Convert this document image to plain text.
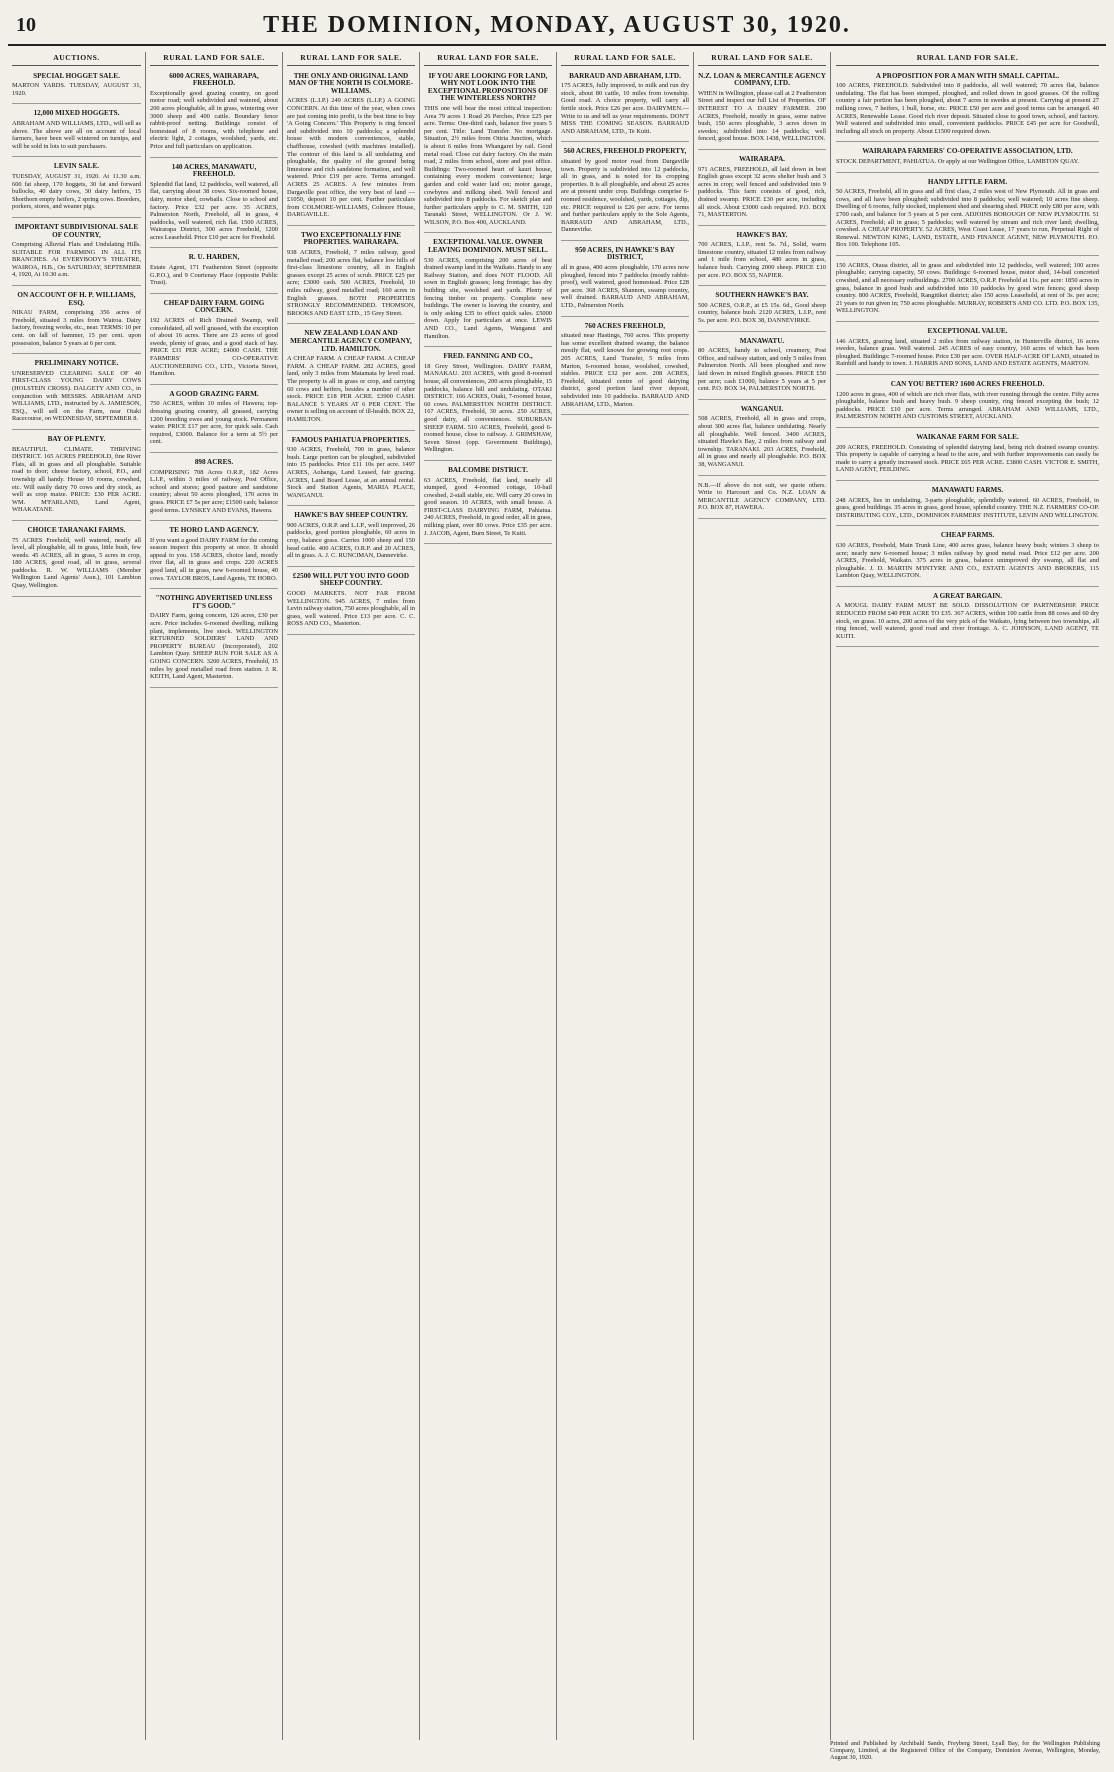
10	THE DOMINION, MONDAY, AUGUST 30, 1920.
AUCTIONS.
SPECIAL HOGGET SALE.

MARTON YARDS. TUESDAY, AUGUST 31, 1920.

12,000 MIXED HOGGETS.

ABRAHAM AND WILLIAMS, LTD., will sell as above. The above are all on account of local farmers, have been well wintered on turnips, and will be sold in lots to suit purchasers.

LEVIN SALE.

TUESDAY, AUGUST 31, 1920. At 11.30 a.m. 600 fat sheep, 170 hoggets, 30 fat and forward bullocks, 40 dairy cows, 30 dairy heifers, 15 Shorthorn empty heifers, 2 spring cows. Breeders, porkers, stores, and weaner pigs.

IMPORTANT SUBDIVISIONAL SALE OF COUNTRY,

Comprising Alluvial Flats and Undulating Hills. SUITABLE FOR FARMING IN ALL ITS BRANCHES. At EVERYBODY'S THEATRE, WAIROA, H.B., On SATURDAY, SEPTEMBER 4, 1920, At 10.30 a.m.

ON ACCOUNT OF H. P. WILLIAMS, ESQ.

NIKAU FARM, comprising 356 acres of Freehold, situated 3 miles from Wairoa. Dairy factory, freezing works, etc., near. TERMS: 10 per cent. on fall of hammer, 15 per cent. upon possession, balance 5 years at 6 per cent.

PRELIMINARY NOTICE.

UNRESERVED CLEARING SALE OF 40 FIRST-CLASS YOUNG DAIRY COWS (HOLSTEIN CROSS). DALGETY AND CO., in conjunction with MESSRS. ABRAHAM AND WILLIAMS, LTD., instructed by A. JAMIESON, ESQ., will sell on the Farm, near Otaki Racecourse, on WEDNESDAY, SEPTEMBER 8.

BAY OF PLENTY.

BEAUTIFUL CLIMATE. THRIVING DISTRICT. 165 ACRES FREEHOLD, fine River Flats, all in grass and all ploughable. Suitable road to door; cheese factory, school, P.O., and township all handy. House 10 rooms, cowshed, etc. Will easily dairy 70 cows and dry stock, as well as crop maize. PRICE: £30 PER ACRE. WM. M'FARLAND, Land Agent, WHAKATANE.

CHOICE TARANAKI FARMS.

75 ACRES Freehold, well watered, nearly all level, all ploughable, all in grass, little bush, few weeds. 45 ACRES, all in grass, 5 acres in crop, 180 ACRES, good road, all in grass, several paddocks. R. W. WILLIAMS (Member Wellington Land Agents' Assn.), 101 Lambton Quay, Wellington.

RURAL LAND FOR SALE.
6000 ACRES, WAIRARAPA, FREEHOLD.

Exceptionally good grazing country, on good motor road; well subdivided and watered, about 200 acres ploughable, all in grass, wintering over 3000 sheep and 400 cattle. Boundary fence rabbit-proof netting. Buildings consist of homestead of 8 rooms, with telephone and electric light, 2 cottages, woolshed, yards, etc. Price and full particulars on application.

140 ACRES, MANAWATU, FREEHOLD.

Splendid flat land, 12 paddocks, well watered, all flat, carrying about 38 cows. Six-roomed house, dairy, motor shed, cowbails. Close to school and factory. Price £32 per acre. 35 ACRES, Palmerston North, Freehold, all in grass, 4 paddocks, well watered, rich flat. 1500 ACRES, Wairarapa District, 300 acres Freehold, 1200 acres Leasehold. Price £10 per acre for Freehold.

R. U. HARDEN,

Estate Agent, 171 Featherston Street (opposite G.P.O.), and 9 Courtenay Place (opposite Public Trust).

CHEAP DAIRY FARM. GOING CONCERN.

192 ACRES of Rich Drained Swamp, well consolidated, all well grassed, with the exception of about 16 acres. There are 23 acres of good swede, plenty of grass, and a good stack of hay. PRICE £31 PER ACRE; £4000 CASH. THE FARMERS' CO-OPERATIVE AUCTIONEERING CO., LTD., Victoria Street, Hamilton.

A GOOD GRAZING FARM.

750 ACRES, within 10 miles of Hawera; top-dressing grazing country, all grassed, carrying 1200 breeding ewes and young stock. Permanent water. PRICE £17 per acre, for quick sale. Cash required, £3000. Balance for a term at 5½ per cent.

898 ACRES.

COMPRISING 708 Acres O.R.P., 182 Acres L.I.P., within 3 miles of railway, Post Office, school and stores; good pasture and sandstone country; about 50 acres ploughed, 170 acres in grass. PRICE £7 5s per acre; £1500 cash; balance good terms. LYNSKEY AND EVANS, Hawera.

TE HORO LAND AGENCY.

If you want a good DAIRY FARM for the coming season inspect this property at once. It should appeal to you. 158 ACRES, choice land, mostly river flat, all in grass and crops. 220 ACRES good land, all in grass, new 6-roomed house, 40 cows. TAYLOR BROS, Land Agents, TE HORO.

"NOTHING ADVERTISED UNLESS IT'S GOOD."

DAIRY Farm, going concern, 126 acres, £30 per acre. Price includes 6-roomed dwelling, milking plant, implements, live stock. WELLINGTON RETURNED SOLDIERS' LAND AND PROPERTY BUREAU (Incorporated), 202 Lambton Quay. SHEEP RUN FOR SALE AS A GOING CONCERN. 3200 ACRES, Freehold, 15 miles by good metalled road from station. J. R. KEITH, Land Agent, Masterton.

RURAL LAND FOR SALE.
THE ONLY AND ORIGINAL LAND MAN OF THE NORTH IS COLMORE-WILLIAMS.

ACRES (L.I.P.) 249 ACRES (L.I.P.) A GOING CONCERN. At this time of the year, when cows are just coming into profit, is the best time to buy 'A Going Concern.' This Property is ring fenced and subdivided into 10 paddocks; a splendid house with modern conveniences, stable, chaffhouse, cowshed (with machines installed). The contour of this land is all undulating and ploughable, the quality of the ground being limestone and rich sandstone formation, and well watered. Price £19 per acre. Terms arranged. ACRES 25 ACRES. A few minutes from Dargaville post office, the very best of land — £1050, deposit 10 per cent. Further particulars from COLMORE-WILLIAMS, Colmore House, DARGAVILLE.

TWO EXCEPTIONALLY FINE PROPERTIES. WAIRARAPA.

938 ACRES, Freehold, 7 miles railway, good metalled road; 200 acres flat, balance low hills of first-class limestone country, all in English grasses except 25 acres of scrub. PRICE £25 per acre; £3000 cash. 500 ACRES, Freehold, 10 miles railway, good metalled road; 160 acres in English grasses. BOTH PROPERTIES STRONGLY RECOMMENDED. THOMSON, BROOKS AND EAST LTD., 15 Grey Street.

NEW ZEALAND LOAN AND MERCANTILE AGENCY COMPANY, LTD. HAMILTON.

A CHEAP FARM. A CHEAP FARM. A CHEAP FARM. A CHEAP FARM. 282 ACRES, good land, only 3 miles from Matamata by level road. The property is all in grass or crop, and carrying 60 cows and heifers, besides a number of other stock. PRICE £18 PER ACRE. £3900 CASH. BALANCE 5 YEARS AT 6 PER CENT. The owner is selling on account of ill-health. BOX 22, HAMILTON.

FAMOUS PAHIATUA PROPERTIES.

930 ACRES, Freehold, 700 in grass, balance bush. Large portion can be ploughed, subdivided into 15 paddocks. Price £11 10s per acre. 1497 ACRES, Aohanga, Land Leased, fair grazing. ACRES, Land Board Lease, at an annual rental. Stock and Station Agents, MARIA PLACE, WANGANUI.

HAWKE'S BAY SHEEP COUNTRY.

900 ACRES, O.R.P. and L.I.P., well improved, 26 paddocks, good portion ploughable, 60 acres in crop, balance grass. Carries 1000 sheep and 150 head cattle. 400 ACRES, O.R.P. and 20 ACRES, all in grass. A. J. C. RUNCIMAN, Dannevirke.

£2500 WILL PUT YOU INTO GOOD SHEEP COUNTRY.

GOOD MARKETS. NOT FAR FROM WELLINGTON. 945 ACRES, 7 miles from Levin railway station, 750 acres ploughable, all in grass, well watered. Price £13 per acre. C. C. ROSS AND CO., Masterton.

RURAL LAND FOR SALE.
IF YOU ARE LOOKING FOR LAND, WHY NOT LOOK INTO THE EXCEPTIONAL PROPOSITIONS OF THE WINTERLESS NORTH?

THIS one will bear the most critical inspection: Area 79 acres 1 Road 26 Perches, Price £25 per acre. Terms: One-third cash, balance five years 5 per cent. Title: Land Transfer. No mortgage. Situation, 2½ miles from Otiria Junction, which is about 6 miles from Whangarei by rail. Good metal road. Close cut dairy factory. On the main road, 2 miles from school, store and post office. Buildings: Two-roomed heart of kauri house, containing every modern convenience; large garden and cold water laid on; motor garage, cowbyres and milking shed. Well fenced and subdivided into 8 paddocks. For sketch plan and further particulars apply to C. M. SMITH, 120 Taranaki Street, WELLINGTON. Or J. W. WILSON, P.O. Box 400, AUCKLAND.

EXCEPTIONAL VALUE. OWNER LEAVING DOMINION. MUST SELL.

530 ACRES, comprising 200 acres of best drained swamp land in the Waikato. Handy to any Railway Station, and does NOT FLOOD. All sown in English grasses; long frontage; has dry building site, woolshed and yards. Plenty of fencing timber on property. Complete new buildings. The owner is leaving the country, and is only asking £35 to effect quick sales. £5000 down. Apply for particulars at once. LEWIS AND CO., Land Agents, Wanganui and Hamilton.

FRED. FANNING AND CO.,

18 Grey Street, Wellington. DAIRY FARM, MANAKAU. 203 ACRES, with good 8-roomed house, all conveniences, 200 acres ploughable, 15 paddocks, balance hill and undulating. OTAKI DISTRICT. 166 ACRES, Otaki, 7-roomed house, 60 cows. PALMERSTON NORTH DISTRICT. 167 ACRES, Freehold, 30 acres. 250 ACRES, good dairy, all conveniences. SUBURBAN SHEEP FARM. 510 ACRES, Freehold, good 6-roomed house, close to railway. J. GRIMSHAW, Seven Street (opp. Government Buildings), Wellington.

BALCOMBE DISTRICT.

63 ACRES, Freehold, flat land, nearly all stumped, good 4-roomed cottage, 10-bail cowshed, 2-stall stable, etc. Will carry 20 cows in good season. 10 ACRES, with small house. A FIRST-CLASS DAIRYING FARM, Pahiatua. 240 ACRES, Freehold, in good order, all in grass, milking plant, over 80 cows. Price £35 per acre. J. JACOB, Agent, Burn Street, Te Kuiti.

RURAL LAND FOR SALE.
BARRAUD AND ABRAHAM, LTD.

175 ACRES, fully improved, to milk and run dry stock, about 80 cattle, 10 miles from township. Good road. A choice property, will carry all fertile stock. Price £26 per acre. DAIRYMEN.—Write to us and tell us your requirements. DON'T MISS THE COMING SEASON. BARRAUD AND ABRAHAM, LTD., Te Kuiti.

560 ACRES, FREEHOLD PROPERTY,

situated by good motor road from Dargaville town. Property is subdivided into 12 paddocks, all in grass, and is noted for its cropping properties. It is all ploughable, and about 25 acres are at present under crop. Buildings comprise 6-roomed residence, woolshed, yards, cottages, dip, etc. PRICE required is £26 per acre. For terms and further particulars apply to the Sole Agents, BARRAUD AND ABRAHAM, LTD., Dannevirke.

950 ACRES, IN HAWKE'S BAY DISTRICT,

all in grass, 400 acres ploughable, 170 acres now ploughed, fenced into 7 paddocks (mostly rabbit-proof), well watered, good homestead. Price £28 per acre. 368 ACRES, Shannon, swamp country, well drained. BARRAUD AND ABRAHAM, LTD., Palmerston North.

760 ACRES FREEHOLD,

situated near Hastings, 760 acres. This property has some excellent drained swamp, the balance mostly flat, well known for growing root crops. 205 ACRES, Land Transfer, 5 miles from Marton, 6-roomed house, woolshed, cowshed, stables. PRICE £32 per acre. 208 ACRES, Freehold, situated centre of good dairying district, good portion land river deposit, subdivided into 10 paddocks. BARRAUD AND ABRAHAM, LTD., Marton.

RURAL LAND FOR SALE.
N.Z. LOAN & MERCANTILE AGENCY COMPANY, LTD.

WHEN in Wellington, please call at 2 Featherston Street and inspect our full List of Properties. OF INTEREST TO A DAIRY FARMER. 290 ACRES, Freehold, mostly in grass, some native bush, 150 acres ploughable, 3 acres down in swedes; subdivided into 14 paddocks; well fenced, good house. BOX 1438, WELLINGTON.

WAIRARAPA.

971 ACRES, FREEHOLD, all laid down in best English grass except 32 acres shelter bush and 3 acres in crop; well fenced and subdivided into 9 paddocks. This farm consists of good, rich, drained swamp. PRICE £30 per acre, including all stock. About £3000 cash required. P.O. BOX 71, MASTERTON.

HAWKE'S BAY.

700 ACRES, L.I.P., rent 5s. 7d., Solid, warm limestone country, situated 12 miles from railway and 1 mile from school, 480 acres in grass, balance bush. Carrying 2000 sheep. PRICE £10 per acre. P.O. BOX 55, NAPIER.

SOUTHERN HAWKE'S BAY.

500 ACRES, O.R.P., at £5 15s. 6d., Good sheep country, balance bush. 2120 ACRES, L.I.P., rent 5s. per acre. P.O. BOX 38, DANNEVIRKE.

MANAWATU.

80 ACRES, handy to school, creamery, Post Office, and railway station, and only 5 miles from Palmerston North. All been ploughed and now laid down in mixed English grasses. PRICE £50 per acre; cash £1000, balance 5 years at 5 per cent. P.O. BOX 34, PALMERSTON NORTH.

WANGANUI.

508 ACRES, Freehold, all in grass and crops, about 300 acres flat, balance undulating. Nearly all ploughable. Well fenced. 3400 ACRES, situated Hawke's Bay, 2 miles from railway and township. TARANAKI. 203 ACRES, Freehold, all in grass and nearly all ploughable. P.O. BOX 38, WANGANUI.

N.B.—If above do not suit, we quote others. Write to Harcourt and Co. N.Z. LOAN & MERCANTILE AGENCY COMPANY, LTD. P.O. BOX 87, HAWERA.

RURAL LAND FOR SALE.
A PROPOSITION FOR A MAN WITH SMALL CAPITAL.

100 ACRES, FREEHOLD. Subdivided into 8 paddocks, all well watered; 70 acres flat, balance undulating. The flat has been stumped, ploughed, and rolled down in good grasses. Of the rolling country a fair portion has been ploughed, about 7 acres in swedes at present. Carrying at present 27 milking cows, 7 heifers, 1 bull, horse, etc. PRICE £50 per acre and good terms can be arranged. 40 ACRES, Renewable Lease. Good rich river deposit. Situated close to good town, school, and factory. Well watered and subdivided into small, convenient paddocks. PRICE £45 per acre for Goodwill, including all stock on property. About £1500 required down.

WAIRARAPA FARMERS' CO-OPERATIVE ASSOCIATION, LTD.

STOCK DEPARTMENT, PAHIATUA. Or apply at our Wellington Office, LAMBTON QUAY.

HANDY LITTLE FARM.

50 ACRES, Freehold, all in grass and all first class, 2 miles west of New Plymouth. All in grass and cows, and all have been ploughed; subdivided into 8 paddocks; well watered; 10 acres fine sheep. Dwelling of 6 rooms, fully stocked, implement shed and shearing shed. PRICE only £80 per acre, with £700 cash, and balance for 5 years at 5 per cent. ADJOINS BOROUGH OF NEW PLYMOUTH. 51 ACRES, Freehold; all in grass; 5 paddocks; well watered by stream and rich river land; dwelling, cowshed. A CHEAP PROPERTY. 52 ACRES, West Coast Lease, 17 years to run, Perpetual Right of Renewal. NEWTON KING, LAND, ESTATE, AND FINANCE AGENT, NEW PLYMOUTH. P.O. Box 100. Telephone 105.

150 ACRES, Otaua district, all in grass and subdivided into 12 paddocks, well watered; 100 acres ploughable; carrying capacity, 50 cows. Buildings: 6-roomed house, motor shed, 14-bail concreted cowshed, and all necessary outbuildings. 2700 ACRES, O.R.P. Freehold at 11s. per acre: 1850 acres in grass, balance in good bush and subdivided into 10 paddocks by good wire fences; good sheep country. 800 ACRES, Freehold, Rangitikei district; also 150 acres Leasehold, at rent of 3s. per acre; 21 years to run given in; 750 acres ploughable. MURRAY, ROBERTS AND CO. LTD. P.O. BOX 135, WELLINGTON.

EXCEPTIONAL VALUE.

146 ACRES, grazing land, situated 2 miles from railway station, in Hunterville district, 16 acres swedes, balance grass. Well watered. 245 ACRES of easy country, 160 acres of which has been ploughed. Buildings: 7-roomed house. Price £30 per acre. OVER HALF-ACRE OF LAND, situated in Rainhill and handy to town. J. HARRIS AND SONS, LAND AND ESTATE AGENTS, MARTON.

CAN YOU BETTER? 1600 ACRES FREEHOLD.

1200 acres in grass, 400 of which are rich river flats, with river running through the centre. Fifty acres ploughable, balance bush and heavy bush. 9 sheep country, ring fenced excepting the bush; 12 paddocks. PRICE £10 per acre. Terms arranged. ABRAHAM AND WILLIAMS, LTD., PALMERSTON NORTH AND CUSTOMS STREET, AUCKLAND.

WAIKANAE FARM FOR SALE.

209 ACRES, FREEHOLD. Consisting of splendid dairying land, being rich drained swamp country. This property is capable of carrying a head to the acre, and with further improvements can easily be made to carry a greatly increased stock. PRICE £65 PER ACRE. £3800 CASH. VICTOR E. SMITH, LAND AGENT, FEILDING.

MANAWATU FARMS.

248 ACRES, lies in undulating, 3-parts ploughable, splendidly watered. 60 ACRES, Freehold, in grass, good buildings. 35 acres in grass, good house, splendid country. THE N.Z. FARMERS' CO-OP. DISTRIBUTING COY., LTD., DOMINION FARMERS' INSTITUTE, LEVIN AND WELLINGTON.

CHEAP FARMS.

630 ACRES, Freehold, Main Trunk Line, 400 acres grass, balance heavy bush; winters 3 sheep to acre; nearly new 6-roomed house; 3 miles railway by good metal road. Price £12 per acre. 200 ACRES, Freehold, Waikato. 375 acres in grass, balance unimproved dry swamp, all flat and ploughable. J. D. MARTIN M'INTYRE AND CO., ESTATE AGENTS AND BROKERS, 115 Lambton Quay, WELLINGTON.

A GREAT BARGAIN.

A MOUGL DAIRY FARM MUST BE SOLD. DISSOLUTION OF PARTNERSHIP. PRICE REDUCED FROM £40 PER ACRE TO £35. 367 ACRES, within 100 cattle from 88 cows and 60 dry stock, on grass. 10 acres, 200 acres of the very pick of the Waikato, lying between two townships, all ring fenced, well watered, good road and river frontage. A. C. JOHNSON, LAND AGENT, TE KUITI.

Printed and Published by Archibald Sando, Freyberg Street, Lyall Bay, for the Wellington Publishing Company, Limited, at the Registered Office of the Company, Dominion Avenue, Wellington, Monday, August 30, 1920.
